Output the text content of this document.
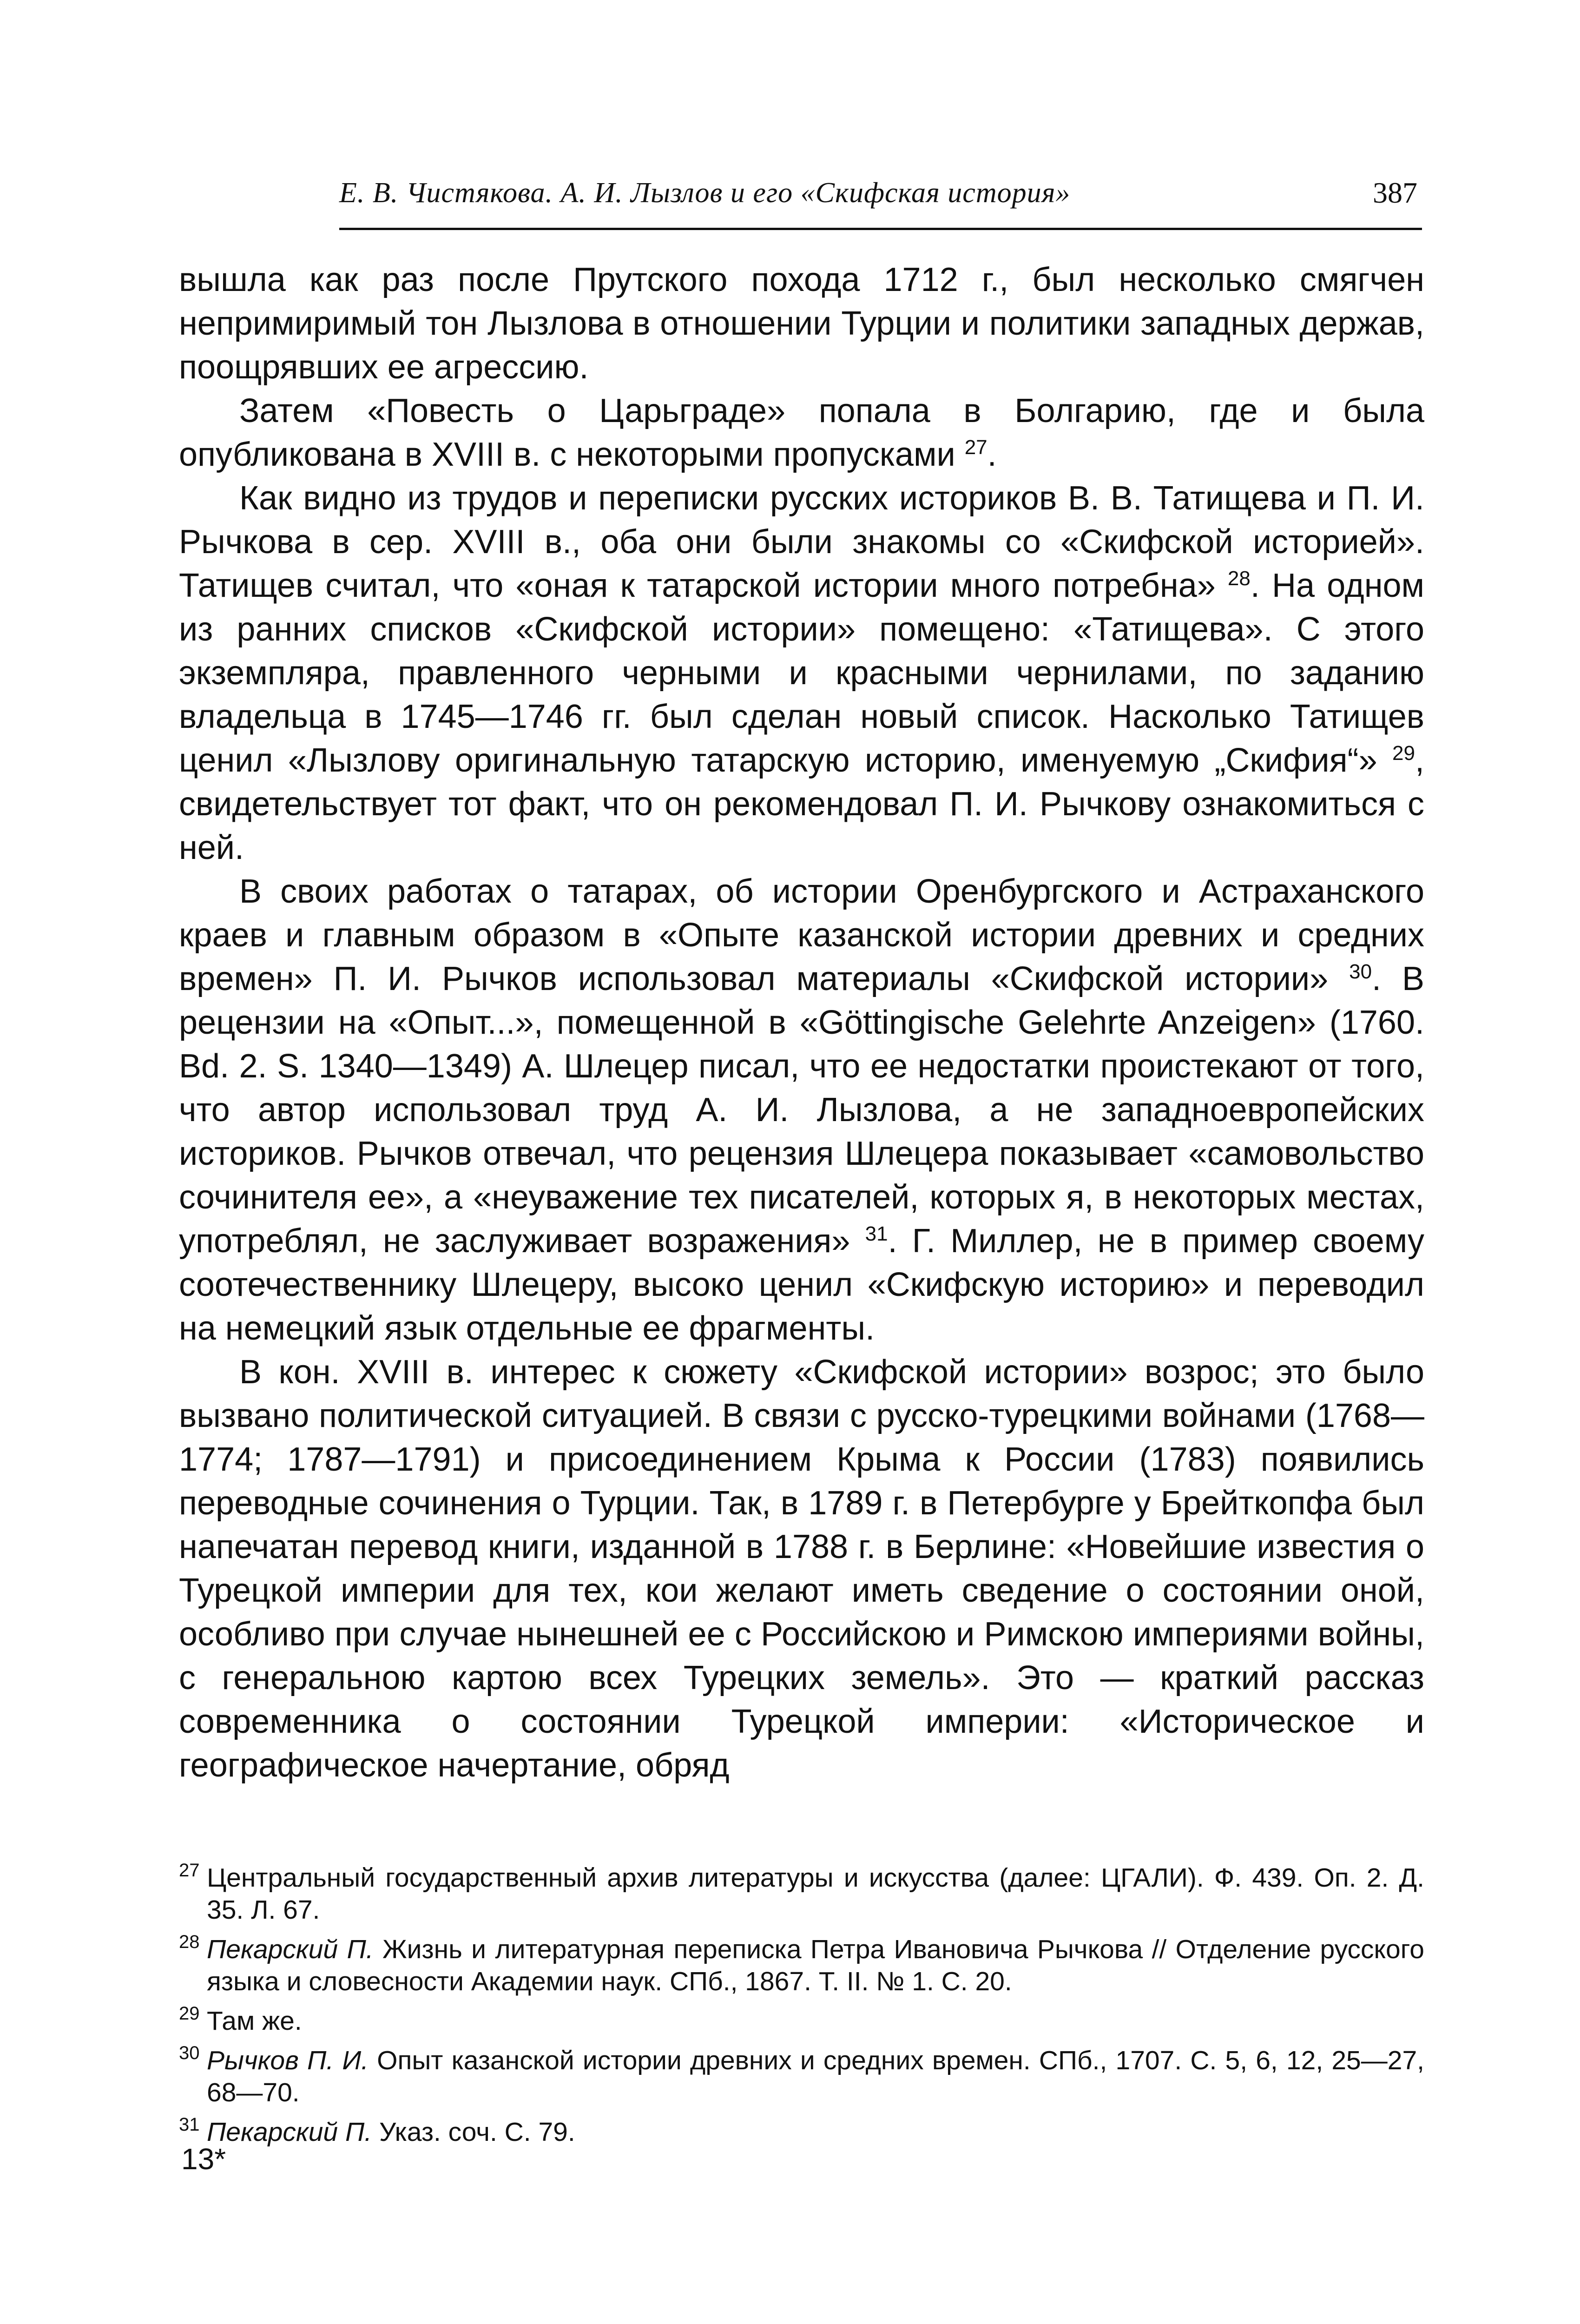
Е. В. Чистякова. А. И. Лызлов и его «Скифская история»	387

вышла как раз после Прутского похода 1712 г., был несколько смягчен непримиримый тон Лызлова в отношении Турции и политики западных держав, поощрявших ее агрессию.

Затем «Повесть о Царьграде» попала в Болгарию, где и была опубликована в XVIII в. с некоторыми пропусками $^{27}$.

Как видно из трудов и переписки русских историков В. В. Татищева и П. И. Рычкова в сер. XVIII в., оба они были знакомы со «Скифской историей». Татищев считал, что «оная к татарской истории много потребна» $^{28}$. На одном из ранних списков «Скифской истории» помещено: «Татищева». С этого экземпляра, правленного черными и красными чернилами, по заданию владельца в 1745—1746 гг. был сделан новый список. Насколько Татищев ценил «Лызлову оригинальную татарскую историю, именуемую „Скифия“» $^{29}$, свидетельствует тот факт, что он рекомендовал П. И. Рычкову ознакомиться с ней.

В своих работах о татарах, об истории Оренбургского и Астраханского краев и главным образом в «Опыте казанской истории древних и средних времен» П. И. Рычков использовал материалы «Скифской истории» $^{30}$. В рецензии на «Опыт...», помещенной в «Göttingische Gelehrte Anzeigen» (1760. Bd. 2. S. 1340—1349) А. Шлецер писал, что ее недостатки проистекают от того, что автор использовал труд А. И. Лызлова, а не западноевропейских историков. Рычков отвечал, что рецензия Шлецера показывает «самовольство сочинителя ее», а «неуважение тех писателей, которых я, в некоторых местах, употреблял, не заслуживает возражения» $^{31}$. Г. Миллер, не в пример своему соотечественнику Шлецеру, высоко ценил «Скифскую историю» и переводил на немецкий язык отдельные ее фрагменты.

В кон. XVIII в. интерес к сюжету «Скифской истории» возрос; это было вызвано политической ситуацией. В связи с русско-турецкими войнами (1768—1774; 1787—1791) и присоединением Крыма к России (1783) появились переводные сочинения о Турции. Так, в 1789 г. в Петербурге у Брейткопфа был напечатан перевод книги, изданной в 1788 г. в Берлине: «Новейшие известия о Турецкой империи для тех, кои желают иметь сведение о состоянии оной, особливо при случае нынешней ее с Российскою и Римскою империями войны, с генеральною картою всех Турецких земель». Это — краткий рассказ современника о состоянии Турецкой империи: «Историческое и географическое начертание, обряд

27 Центральный государственный архив литературы и искусства (далее: ЦГАЛИ). Ф. 439. Оп. 2. Д. 35. Л. 67.

28 Пекарский П. Жизнь и литературная переписка Петра Ивановича Рычкова // Отделение русского языка и словесности Академии наук. СПб., 1867. Т. II. № 1. С. 20.

29 Там же.

30 Рычков П. И. Опыт казанской истории древних и средних времен. СПб., 1707. С. 5, 6, 12, 25—27, 68—70.

31 Пекарский П. Указ. соч. С. 79.

13*
